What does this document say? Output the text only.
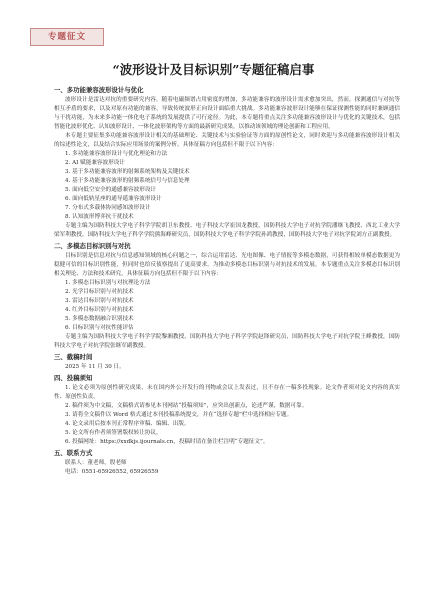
专题征文
“波形设计及目标识别”专题征稿启事
一、多功能兼容波形设计与优化

波形设计是雷达对抗的重要研究内容。随着电磁频谱占用密度的增加，多功能兼容的波形设计需求愈加突出，然而，探测通信与对抗等相互矛盾的要求，以及对原有功能的兼容，导致传统波形正向设计面临重大挑战。多功能兼容波形设计能够在保证探测性能的同时兼顾通信与干扰功能，为未来多功能一体化电子系统的发展提供了可行途径。为此，本专题将重点关注多功能兼容波形设计与优化的关键技术，包括智能化波形优化、认知波形设计、一体化波形架构等方面的最新研究成果，以推动该领域的理论创新和工程应用。

本专题主要征集多功能兼容波形设计相关的基础理论、关键技术与实验验证等方面的原创性论文，同时欢迎与多功能兼容波形设计相关的综述性论文，以及结合实际应用场景的案例分析。具体征稿方向包括但不限于以下内容：

1. 多功能兼容波形设计与优化理论和方法

2. AI 赋能兼容波形设计

3. 基于多功能兼容波形的射频系统架构及关键技术

4. 基于多功能兼容波形的射频系统信号与信息处理

5. 面向低空安全的通感兼容波形设计

6. 面向低轨星座的通导遥兼容波形设计

7. 分布式多载体协同感知波形设计

8. 认知波形博弈抗干扰技术

专题主编为国防科技大学电子科学学院胡卫东教授、电子科技大学崔国龙教授，国防科技大学电子对抗学院潘继飞教授、西北工业大学梁军利教授，国防科技大学电子科学学院熊海峰研究员，国防科技大学电子科学学院孙鸿教授，国防科技大学电子对抗学院刘方正副教授。

二、多模态目标识别与对抗

目标识别是信息对抗与信息感知领域的核心问题之一，综合运用雷达、光电图像、电子情报等多模态数据，可获得相较单模态数据更为稳健可信的目标识别性能，但同时也给反侦察提出了更高要求。为推动多模态目标识别与对抗技术的发展，本专题重点关注多模态目标识别相关理论、方法和技术研究。具体征稿方向包括但不限于以下内容：

1. 多模态目标识别与对抗理论方法

2. 光学目标识别与对抗技术

3. 雷达目标识别与对抗技术

4. 红外目标识别与对抗技术

5. 多模态数据融合识别技术

6. 目标识别与对抗性能评估

专题主编为国防科技大学电子科学学院黎湘教授，国防科技大学电子科学学院赵锋研究员，国防科技大学电子对抗学院王峰教授，国防科技大学电子对抗学院张继军副教授。

三、截稿时间

2025 年 11 月 30 日。

四、投稿须知

1. 论文必须为原创性研究成果，未在国内外公开发行的刊物或会议上发表过，且不存在一稿多投现象。论文作者须对论文内容的真实性、原创性负责。

2. 稿件须为中文稿，文稿格式请参见本刊网站“投稿须知”，应突出创新点，论述严谨，数据可靠。

3. 请将全文稿件以 Word 格式通过本刊投稿系统提交，并在“选择专题”栏中选择相应专题。

4. 论文录用后按本刊正常程序审稿、编辑、出版。

5. 论文所有作者须签署版权转让协议。

6. 投稿网址：https://xxdkjs.ijournals.cn，投稿时请在备注栏注明“专题征文”。

五、联系方式

联系人：董老师，殷老师

电话：0551-65926552, 65926559
